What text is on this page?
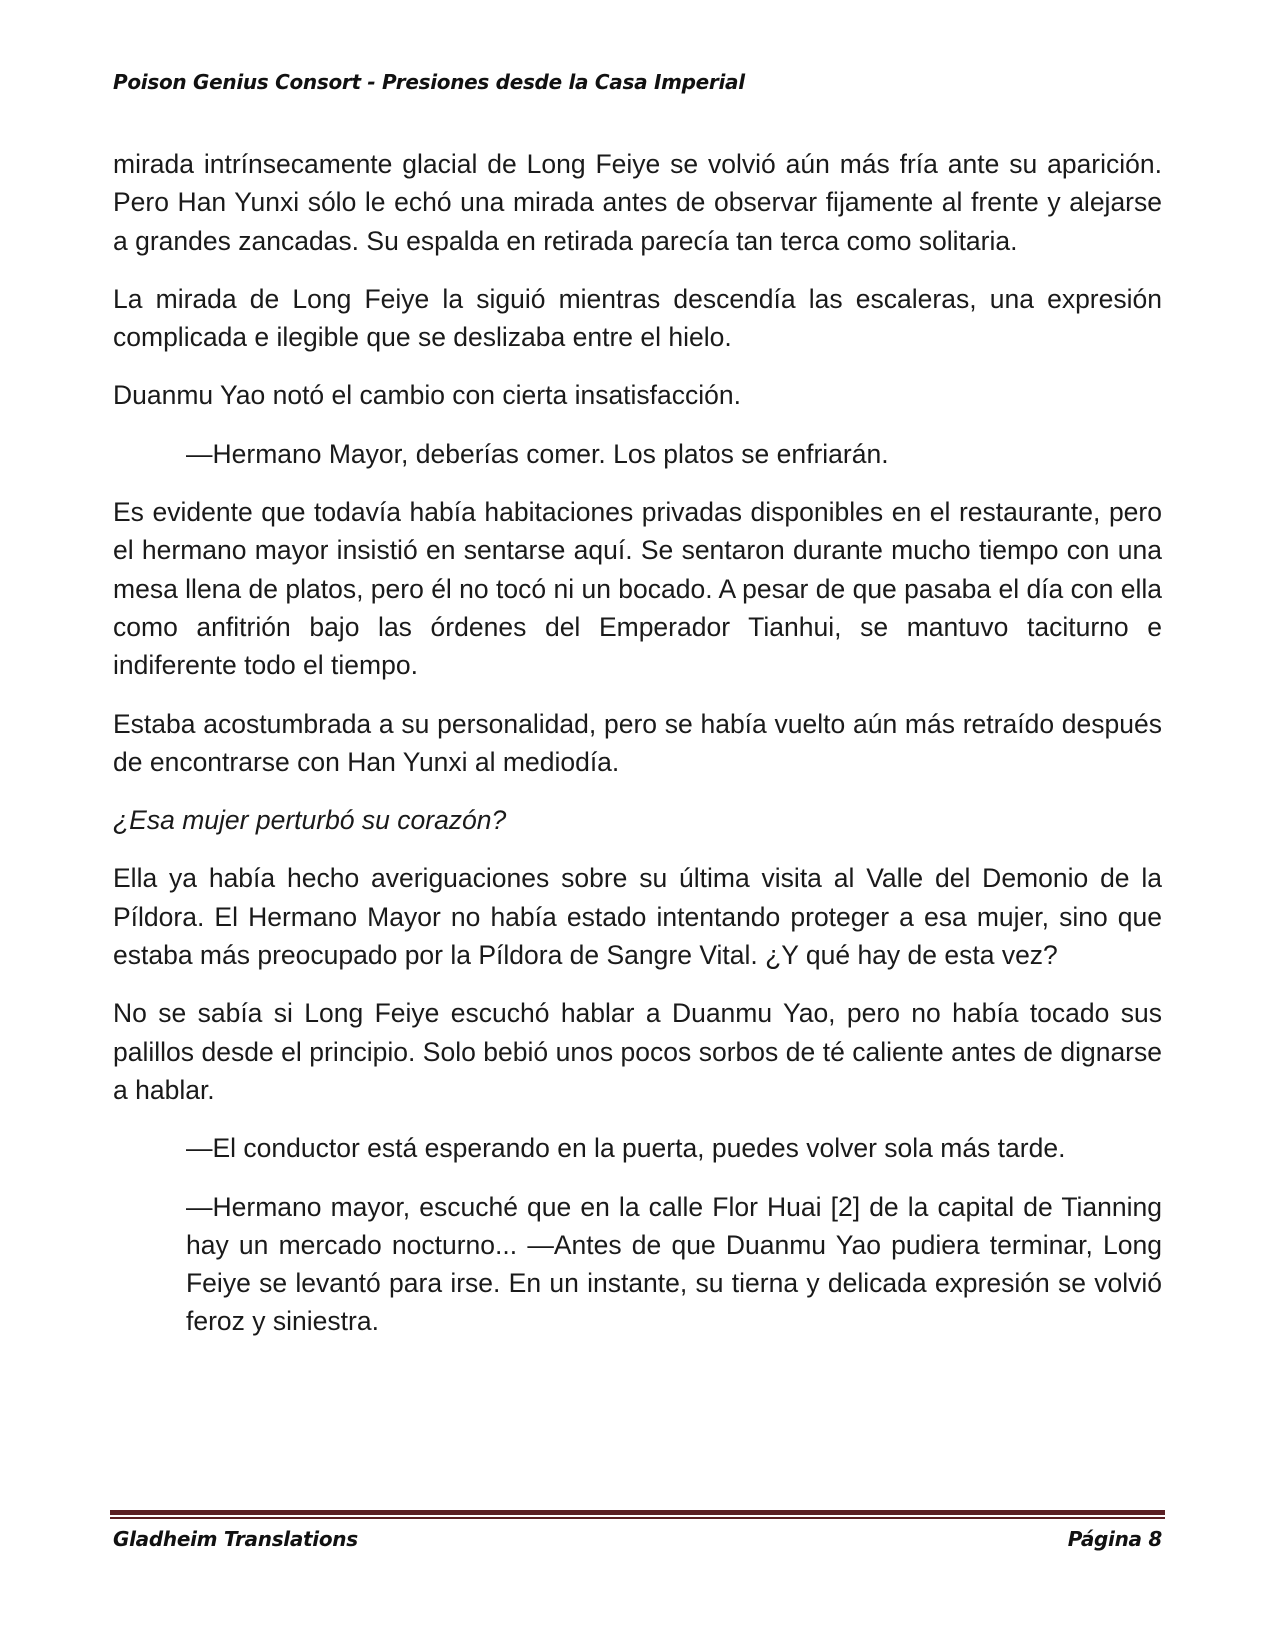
Poison Genius Consort - Presiones desde la Casa Imperial

mirada intrínsecamente glacial de Long Feiye se volvió aún más fría ante su aparición. Pero Han Yunxi sólo le echó una mirada antes de observar fijamente al frente y alejarse a grandes zancadas. Su espalda en retirada parecía tan terca como solitaria.

La mirada de Long Feiye la siguió mientras descendía las escaleras, una expresión complicada e ilegible que se deslizaba entre el hielo.

Duanmu Yao notó el cambio con cierta insatisfacción.

—Hermano Mayor, deberías comer. Los platos se enfriarán.

Es evidente que todavía había habitaciones privadas disponibles en el restaurante, pero el hermano mayor insistió en sentarse aquí. Se sentaron durante mucho tiempo con una mesa llena de platos, pero él no tocó ni un bocado. A pesar de que pasaba el día con ella como anfitrión bajo las órdenes del Emperador Tianhui, se mantuvo taciturno e indiferente todo el tiempo.

Estaba acostumbrada a su personalidad, pero se había vuelto aún más retraído después de encontrarse con Han Yunxi al mediodía.

¿Esa mujer perturbó su corazón?

Ella ya había hecho averiguaciones sobre su última visita al Valle del Demonio de la Píldora. El Hermano Mayor no había estado intentando proteger a esa mujer, sino que estaba más preocupado por la Píldora de Sangre Vital. ¿Y qué hay de esta vez?

No se sabía si Long Feiye escuchó hablar a Duanmu Yao, pero no había tocado sus palillos desde el principio. Solo bebió unos pocos sorbos de té caliente antes de dignarse a hablar.

—El conductor está esperando en la puerta, puedes volver sola más tarde.

—Hermano mayor, escuché que en la calle Flor Huai [2] de la capital de Tianning hay un mercado nocturno... —Antes de que Duanmu Yao pudiera terminar, Long Feiye se levantó para irse. En un instante, su tierna y delicada expresión se volvió feroz y siniestra.

Gladheim Translations	Página 8
